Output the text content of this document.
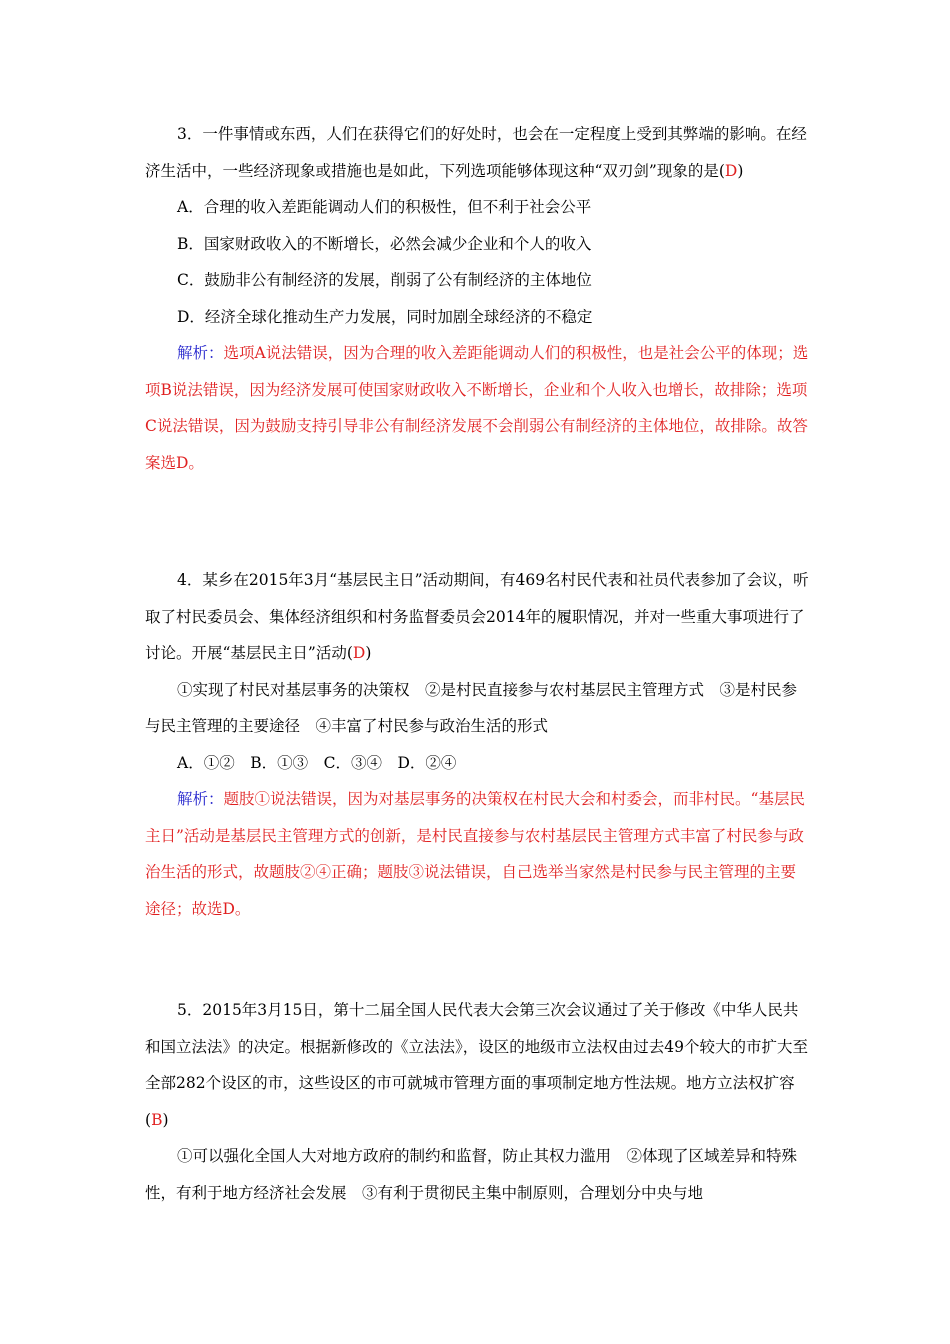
3．一件事情或东西，人们在获得它们的好处时，也会在一定程度上受到其弊端的影响。在经济生活中，一些经济现象或措施也是如此，下列选项能够体现这种“双刃剑”现象的是(D)

A．合理的收入差距能调动人们的积极性，但不利于社会公平

B．国家财政收入的不断增长，必然会减少企业和个人的收入

C．鼓励非公有制经济的发展，削弱了公有制经济的主体地位

D．经济全球化推动生产力发展，同时加剧全球经济的不稳定

解析：选项A说法错误，因为合理的收入差距能调动人们的积极性，也是社会公平的体现；选项B说法错误，因为经济发展可使国家财政收入不断增长，企业和个人收入也增长，故排除；选项C说法错误，因为鼓励支持引导非公有制经济发展不会削弱公有制经济的主体地位，故排除。故答案选D。

4．某乡在2015年3月“基层民主日”活动期间，有469名村民代表和社员代表参加了会议，听取了村民委员会、集体经济组织和村务监督委员会2014年的履职情况，并对一些重大事项进行了讨论。开展“基层民主日”活动(D)

①实现了村民对基层事务的决策权　②是村民直接参与农村基层民主管理方式　③是村民参与民主管理的主要途径　④丰富了村民参与政治生活的形式

A．①②　B．①③　C．③④　D．②④

解析：题肢①说法错误，因为对基层事务的决策权在村民大会和村委会，而非村民。“基层民主日”活动是基层民主管理方式的创新，是村民直接参与农村基层民主管理方式丰富了村民参与政治生活的形式，故题肢②④正确；题肢③说法错误，自己选举当家然是村民参与民主管理的主要途径；故选D。

5．2015年3月15日，第十二届全国人民代表大会第三次会议通过了关于修改《中华人民共和国立法法》的决定。根据新修改的《立法法》，设区的地级市立法权由过去49个较大的市扩大至全部282个设区的市，这些设区的市可就城市管理方面的事项制定地方性法规。地方立法权扩容(B)

①可以强化全国人大对地方政府的制约和监督，防止其权力滥用　②体现了区域差异和特殊性，有利于地方经济社会发展　③有利于贯彻民主集中制原则，合理划分中央与地
